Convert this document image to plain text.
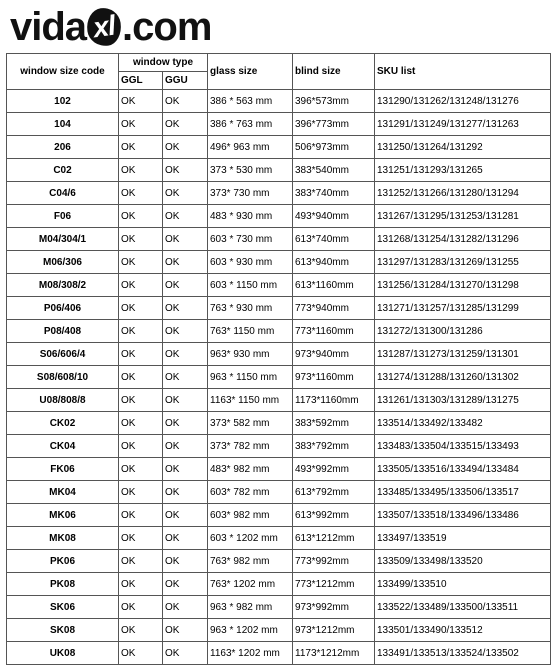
vida xl .com
window size code	window type		glass size	blind size	SKU list
	GGL	GGU			
102	OK	OK	386 * 563 mm	396*573mm	131290/131262/131248/131276
104	OK	OK	386 * 763 mm	396*773mm	131291/131249/131277/131263
206	OK	OK	496* 963 mm	506*973mm	131250/131264/131292
C02	OK	OK	373 * 530 mm	383*540mm	131251/131293/131265
C04/6	OK	OK	373* 730 mm	383*740mm	131252/131266/131280/131294
F06	OK	OK	483 * 930 mm	493*940mm	131267/131295/131253/131281
M04/304/1	OK	OK	603 * 730 mm	613*740mm	131268/131254/131282/131296
M06/306	OK	OK	603 * 930 mm	613*940mm	131297/131283/131269/131255
M08/308/2	OK	OK	603 * 1150 mm	613*1160mm	131256/131284/131270/131298
P06/406	OK	OK	763 * 930 mm	773*940mm	131271/131257/131285/131299
P08/408	OK	OK	763* 1150 mm	773*1160mm	131272/131300/131286
S06/606/4	OK	OK	963* 930 mm	973*940mm	131287/131273/131259/131301
S08/608/10	OK	OK	963 * 1150 mm	973*1160mm	131274/131288/131260/131302
U08/808/8	OK	OK	1163* 1150 mm	1173*1160mm	131261/131303/131289/131275
CK02	OK	OK	373* 582 mm	383*592mm	133514/133492/133482
CK04	OK	OK	373* 782 mm	383*792mm	133483/133504/133515/133493
FK06	OK	OK	483* 982 mm	493*992mm	133505/133516/133494/133484
MK04	OK	OK	603* 782 mm	613*792mm	133485/133495/133506/133517
MK06	OK	OK	603* 982 mm	613*992mm	133507/133518/133496/133486
MK08	OK	OK	603 * 1202 mm	613*1212mm	133497/133519
PK06	OK	OK	763* 982 mm	773*992mm	133509/133498/133520
PK08	OK	OK	763* 1202 mm	773*1212mm	133499/133510
SK06	OK	OK	963 * 982 mm	973*992mm	133522/133489/133500/133511
SK08	OK	OK	963 * 1202 mm	973*1212mm	133501/133490/133512
UK08	OK	OK	1163* 1202 mm	1173*1212mm	133491/133513/133524/133502
